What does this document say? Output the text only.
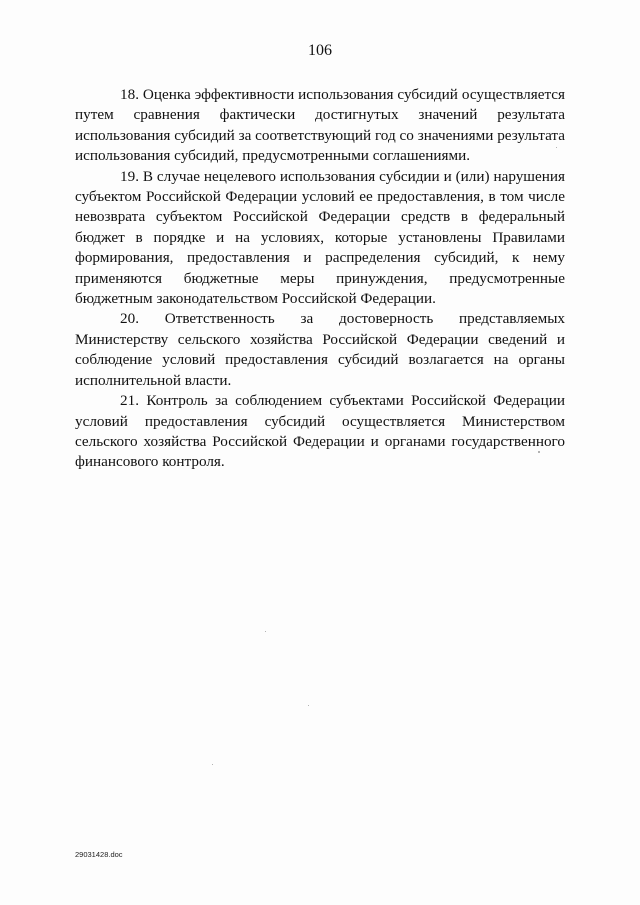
106

18. Оценка эффективности использования субсидий осуществляется путем сравнения фактически достигнутых значений результата использования субсидий за соответствующий год со значениями результата использования субсидий, предусмотренными соглашениями.

19. В случае нецелевого использования субсидии и (или) нарушения субъектом Российской Федерации условий ее предоставления, в том числе невозврата субъектом Российской Федерации средств в федеральный бюджет в порядке и на условиях, которые установлены Правилами формирования, предоставления и распределения субсидий, к нему применяются бюджетные меры принуждения, предусмотренные бюджетным законодательством Российской Федерации.

20. Ответственность за достоверность представляемых Министерству сельского хозяйства Российской Федерации сведений и соблюдение условий предоставления субсидий возлагается на органы исполнительной власти.

21. Контроль за соблюдением субъектами Российской Федерации условий предоставления субсидий осуществляется Министерством сельского хозяйства Российской Федерации и органами государственного финансового контроля.

29031428.doc
